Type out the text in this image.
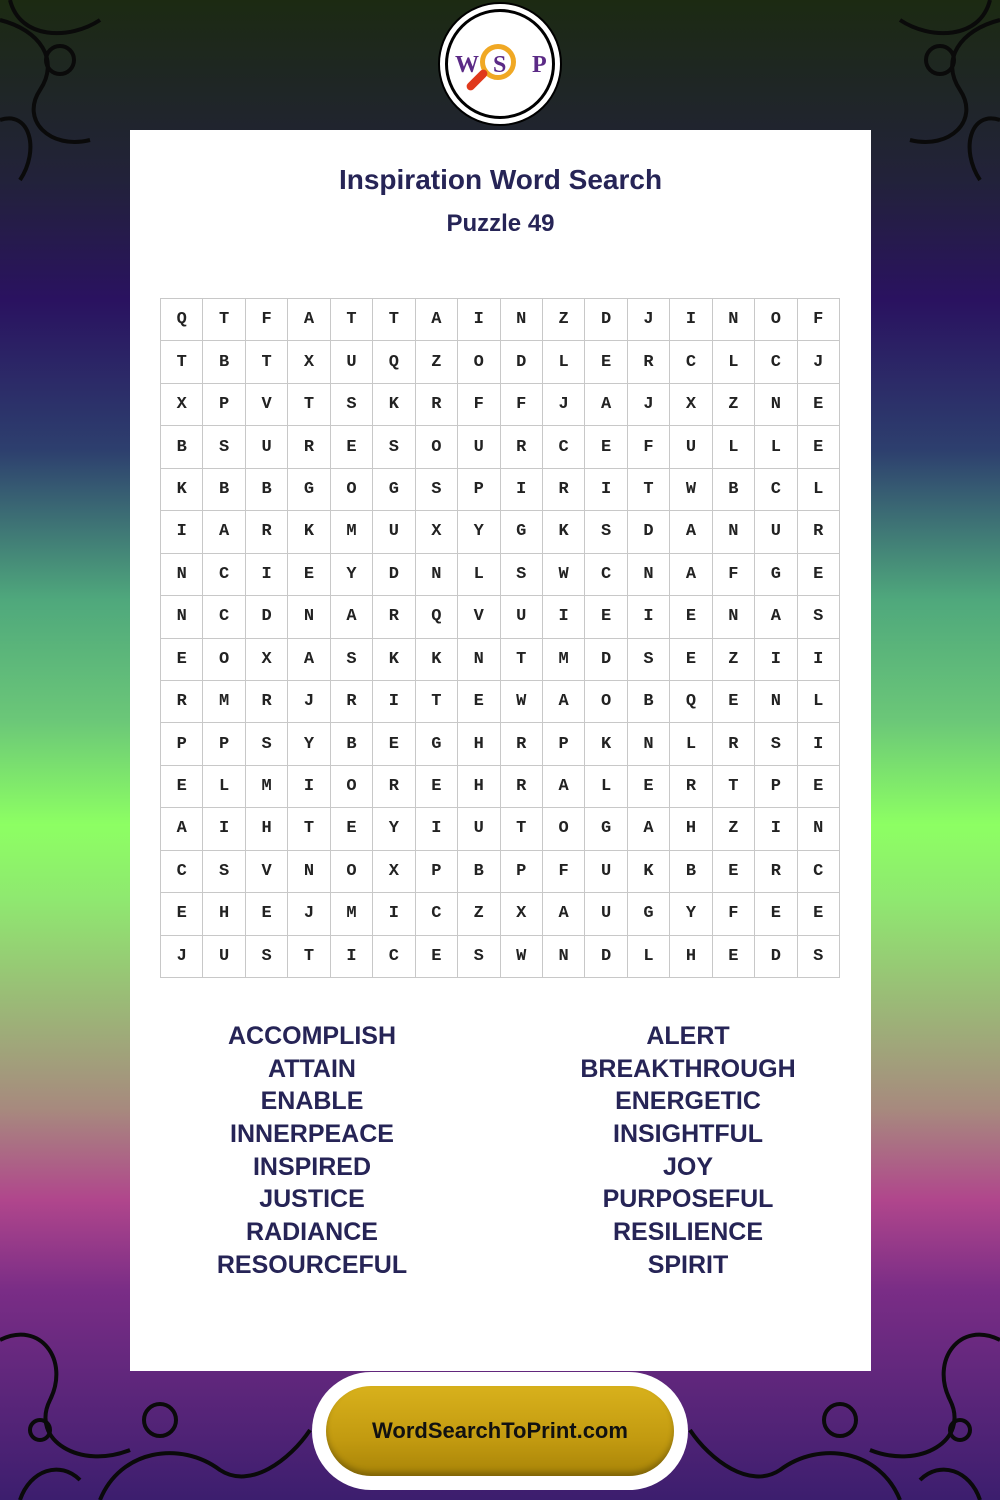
W S P
Inspiration Word Search
Puzzle 49
Q	T	F	A	T	T	A	I	N	Z	D	J	I	N	O	F
T	B	T	X	U	Q	Z	O	D	L	E	R	C	L	C	J
X	P	V	T	S	K	R	F	F	J	A	J	X	Z	N	E
B	S	U	R	E	S	O	U	R	C	E	F	U	L	L	E
K	B	B	G	O	G	S	P	I	R	I	T	W	B	C	L
I	A	R	K	M	U	X	Y	G	K	S	D	A	N	U	R
N	C	I	E	Y	D	N	L	S	W	C	N	A	F	G	E
N	C	D	N	A	R	Q	V	U	I	E	I	E	N	A	S
E	O	X	A	S	K	K	N	T	M	D	S	E	Z	I	I
R	M	R	J	R	I	T	E	W	A	O	B	Q	E	N	L
P	P	S	Y	B	E	G	H	R	P	K	N	L	R	S	I
E	L	M	I	O	R	E	H	R	A	L	E	R	T	P	E
A	I	H	T	E	Y	I	U	T	O	G	A	H	Z	I	N
C	S	V	N	O	X	P	B	P	F	U	K	B	E	R	C
E	H	E	J	M	I	C	Z	X	A	U	G	Y	F	E	E
J	U	S	T	I	C	E	S	W	N	D	L	H	E	D	S
ACCOMPLISH
ATTAIN
ENABLE
INNERPEACE
INSPIRED
JUSTICE
RADIANCE
RESOURCEFUL
ALERT
BREAKTHROUGH
ENERGETIC
INSIGHTFUL
JOY
PURPOSEFUL
RESILIENCE
SPIRIT
WordSearchToPrint.com
